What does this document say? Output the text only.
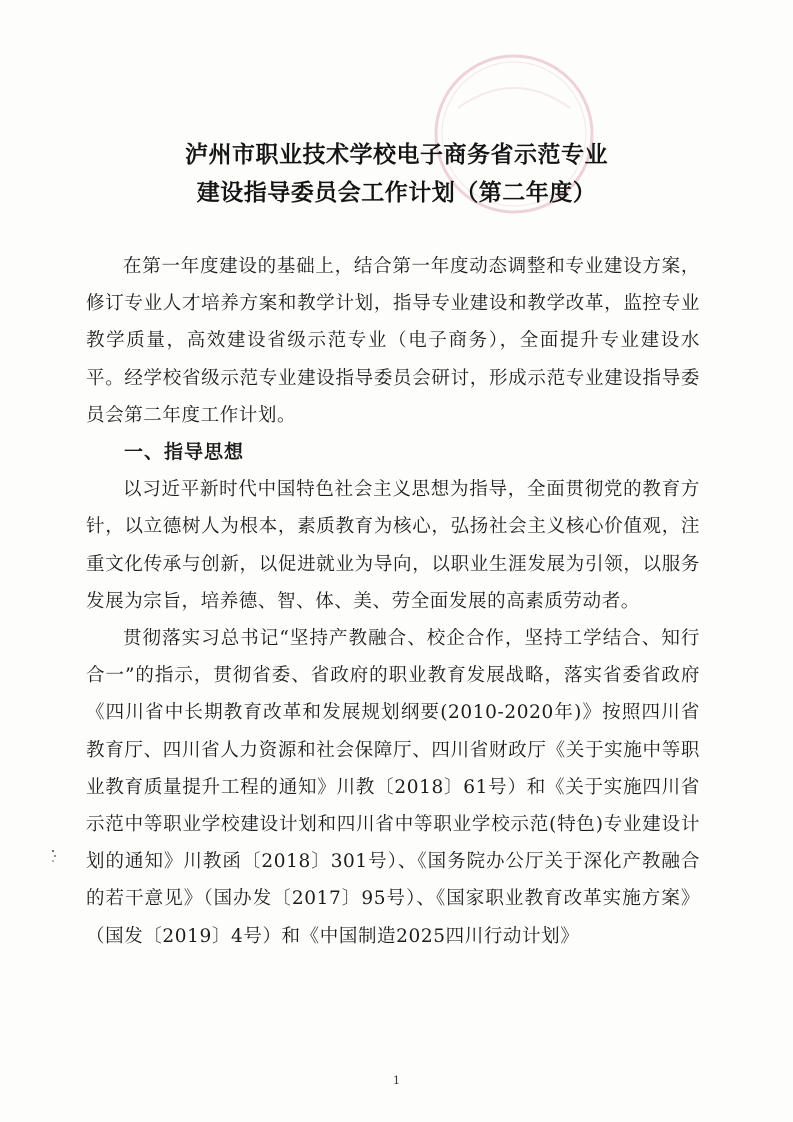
泸州市职业技术学校电子商务省示范专业
建设指导委员会工作计划（第二年度）

在第一年度建设的基础上，结合第一年度动态调整和专业建设方案，修订专业人才培养方案和教学计划，指导专业建设和教学改革，监控专业教学质量，高效建设省级示范专业（电子商务），全面提升专业建设水平。经学校省级示范专业建设指导委员会研讨，形成示范专业建设指导委员会第二年度工作计划。

一、指导思想

以习近平新时代中国特色社会主义思想为指导，全面贯彻党的教育方针，以立德树人为根本，素质教育为核心，弘扬社会主义核心价值观，注重文化传承与创新，以促进就业为导向，以职业生涯发展为引领，以服务发展为宗旨，培养德、智、体、美、劳全面发展的高素质劳动者。

贯彻落实习总书记“坚持产教融合、校企合作，坚持工学结合、知行合一”的指示，贯彻省委、省政府的职业教育发展战略，落实省委省政府《四川省中长期教育改革和发展规划纲要(2010-2020年)》按照四川省教育厅、四川省人力资源和社会保障厅、四川省财政厅《关于实施中等职业教育质量提升工程的通知》川教〔2018〕61号）和《关于实施四川省示范中等职业学校建设计划和四川省中等职业学校示范(特色)专业建设计划的通知》川教函〔2018〕301号）、《国务院办公厅关于深化产教融合的若干意见》（国办发〔2017〕95号）、《国家职业教育改革实施方案》（国发〔2019〕4号）和《中国制造2025四川行动计划》

1
